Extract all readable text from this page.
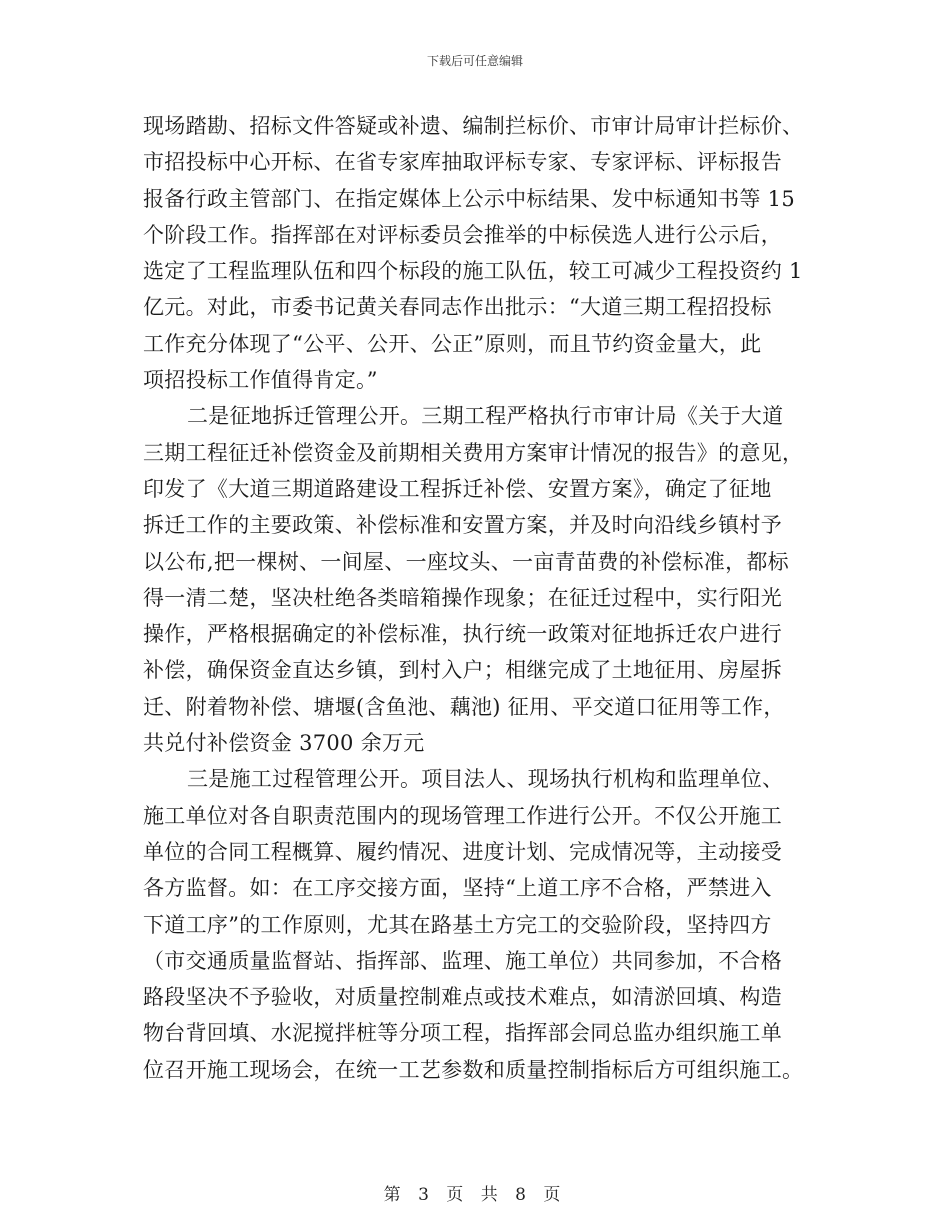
下载后可任意编辑
现场踏勘、招标文件答疑或补遗、编制拦标价、市审计局审计拦标价、
市招投标中心开标、在省专家库抽取评标专家、专家评标、评标报告
报备行政主管部门、在指定媒体上公示中标结果、发中标通知书等 15
个阶段工作。指挥部在对评标委员会推举的中标侯选人进行公示后，
选定了工程监理队伍和四个标段的施工队伍，较工可减少工程投资约 1
亿元。对此，市委书记黄关春同志作出批示：“大道三期工程招投标
工作充分体现了“公平、公开、公正”原则，而且节约资金量大，此
项招投标工作值得肯定。”
二是征地拆迁管理公开。三期工程严格执行市审计局《关于大道
三期工程征迁补偿资金及前期相关费用方案审计情况的报告》的意见，
印发了《大道三期道路建设工程拆迁补偿、安置方案》，确定了征地
拆迁工作的主要政策、补偿标准和安置方案，并及时向沿线乡镇村予
以公布,把一棵树、一间屋、一座坟头、一亩青苗费的补偿标准，都标
得一清二楚，坚决杜绝各类暗箱操作现象；在征迁过程中，实行阳光
操作，严格根据确定的补偿标准，执行统一政策对征地拆迁农户进行
补偿，确保资金直达乡镇，到村入户；相继完成了土地征用、房屋拆
迁、附着物补偿、塘堰(含鱼池、藕池) 征用、平交道口征用等工作，
共兑付补偿资金 3700 余万元
三是施工过程管理公开。项目法人、现场执行机构和监理单位、
施工单位对各自职责范围内的现场管理工作进行公开。不仅公开施工
单位的合同工程概算、履约情况、进度计划、完成情况等，主动接受
各方监督。如：在工序交接方面，坚持“上道工序不合格，严禁进入
下道工序”的工作原则，尤其在路基土方完工的交验阶段，坚持四方
（市交通质量监督站、指挥部、监理、施工单位）共同参加，不合格
路段坚决不予验收，对质量控制难点或技术难点，如清淤回填、构造
物台背回填、水泥搅拌桩等分项工程，指挥部会同总监办组织施工单
位召开施工现场会，在统一工艺参数和质量控制指标后方可组织施工。
第 3 页 共 8 页
